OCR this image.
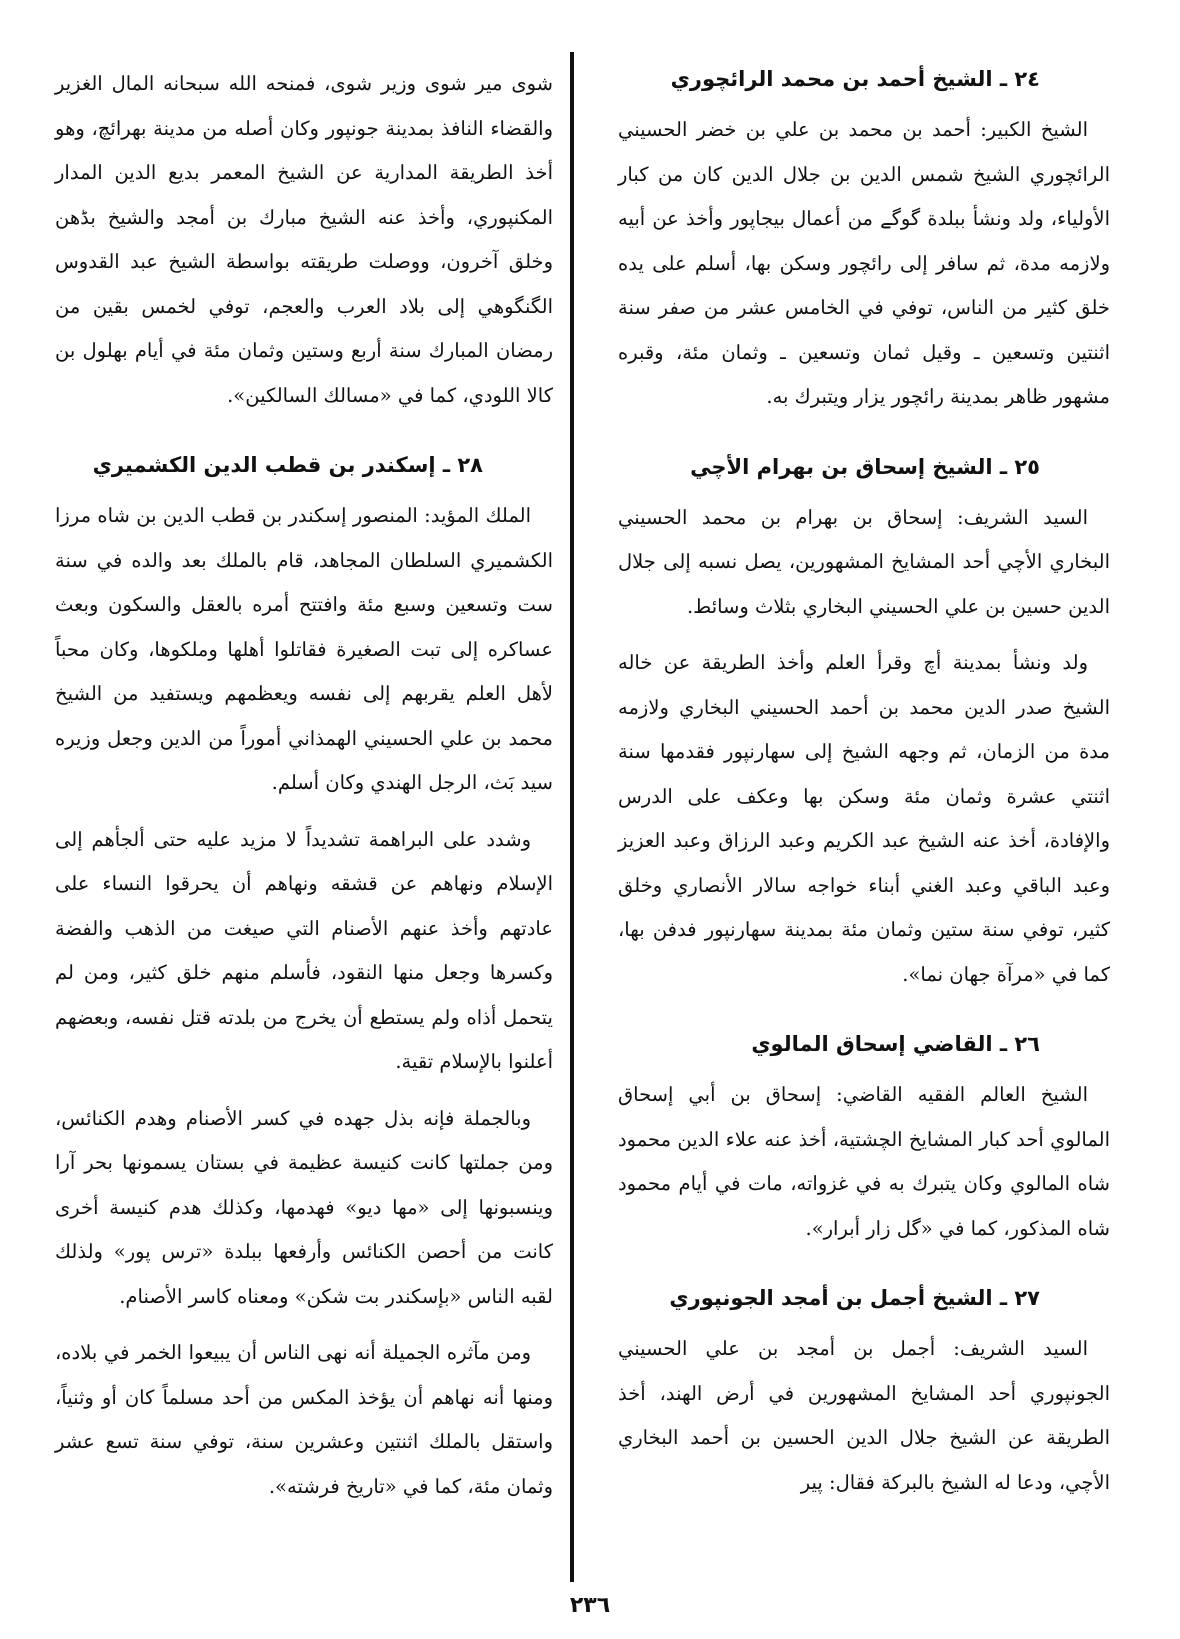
٢٤ ـ الشيخ أحمد بن محمد الرائچوري

الشيخ الكبير: أحمد بن محمد بن علي بن خضر الحسيني الرائچوري الشيخ شمس الدين بن جلال الدين كان من كبار الأولياء، ولد ونشأ ببلدة گوگے من أعمال بيجاپور وأخذ عن أبيه ولازمه مدة، ثم سافر إلى رائچور وسكن بها، أسلم على يده خلق كثير من الناس، توفي في الخامس عشر من صفر سنة اثنتين وتسعين ـ وقيل ثمان وتسعين ـ وثمان مئة، وقبره مشهور ظاهر بمدينة رائچور يزار ويتبرك به.

٢٥ ـ الشيخ إسحاق بن بهرام الأچي

السيد الشريف: إسحاق بن بهرام بن محمد الحسيني البخاري الأچي أحد المشايخ المشهورين، يصل نسبه إلى جلال الدين حسين بن علي الحسيني البخاري بثلاث وسائط.

ولد ونشأ بمدينة أچ وقرأ العلم وأخذ الطريقة عن خاله الشيخ صدر الدين محمد بن أحمد الحسيني البخاري ولازمه مدة من الزمان، ثم وجهه الشيخ إلى سهارنپور فقدمها سنة اثنتي عشرة وثمان مئة وسكن بها وعكف على الدرس والإفادة، أخذ عنه الشيخ عبد الكريم وعبد الرزاق وعبد العزيز وعبد الباقي وعبد الغني أبناء خواجه سالار الأنصاري وخلق كثير، توفي سنة ستين وثمان مئة بمدينة سهارنپور فدفن بها، كما في «مرآة جهان نما».

٢٦ ـ القاضي إسحاق المالوي

الشيخ العالم الفقيه القاضي: إسحاق بن أبي إسحاق المالوي أحد كبار المشايخ الچشتية، أخذ عنه علاء الدين محمود شاه المالوي وكان يتبرك به في غزواته، مات في أيام محمود شاه المذكور، كما في «گل زار أبرار».

٢٧ ـ الشيخ أجمل بن أمجد الجونپوري

السيد الشريف: أجمل بن أمجد بن علي الحسيني الجونپوري أحد المشايخ المشهورين في أرض الهند، أخذ الطريقة عن الشيخ جلال الدين الحسين بن أحمد البخاري الأچي، ودعا له الشيخ بالبركة فقال: پير

شوى مير شوى وزير شوى، فمنحه الله سبحانه المال الغزير والقضاء النافذ بمدينة جونپور وكان أصله من مدينة بهرائچ، وهو أخذ الطريقة المدارية عن الشيخ المعمر بديع الدين المدار المكنپوري، وأخذ عنه الشيخ مبارك بن أمجد والشيخ بڈهن وخلق آخرون، ووصلت طريقته بواسطة الشيخ عبد القدوس الگنگوهي إلى بلاد العرب والعجم، توفي لخمس بقين من رمضان المبارك سنة أربع وستين وثمان مئة في أيام بهلول بن كالا اللودي، كما في «مسالك السالكين».

٢٨ ـ إسكندر بن قطب الدين الكشميري

الملك المؤيد: المنصور إسكندر بن قطب الدين بن شاه مرزا الكشميري السلطان المجاهد، قام بالملك بعد والده في سنة ست وتسعين وسبع مئة وافتتح أمره بالعقل والسكون وبعث عساكره إلى تبت الصغيرة فقاتلوا أهلها وملكوها، وكان محباً لأهل العلم يقربهم إلى نفسه ويعظمهم ويستفيد من الشيخ محمد بن علي الحسيني الهمذاني أموراً من الدين وجعل وزيره سيد بَث، الرجل الهندي وكان أسلم.

وشدد على البراهمة تشديداً لا مزيد عليه حتى ألجأهم إلى الإسلام ونهاهم عن قشقه ونهاهم أن يحرقوا النساء على عادتهم وأخذ عنهم الأصنام التي صيغت من الذهب والفضة وكسرها وجعل منها النقود، فأسلم منهم خلق كثير، ومن لم يتحمل أذاه ولم يستطع أن يخرج من بلدته قتل نفسه، وبعضهم أعلنوا بالإسلام تقية.

وبالجملة فإنه بذل جهده في كسر الأصنام وهدم الكنائس، ومن جملتها كانت كنيسة عظيمة في بستان يسمونها بحر آرا وينسبونها إلى «مها ديو» فهدمها، وكذلك هدم كنيسة أخرى كانت من أحصن الكنائس وأرفعها ببلدة «ترس پور» ولذلك لقبه الناس «بإسكندر بت شكن» ومعناه كاسر الأصنام.

ومن مآثره الجميلة أنه نهى الناس أن يبيعوا الخمر في بلاده، ومنها أنه نهاهم أن يؤخذ المكس من أحد مسلماً كان أو وثنياً، واستقل بالملك اثنتين وعشرين سنة، توفي سنة تسع عشر وثمان مئة، كما في «تاريخ فرشته».

٢٣٦
